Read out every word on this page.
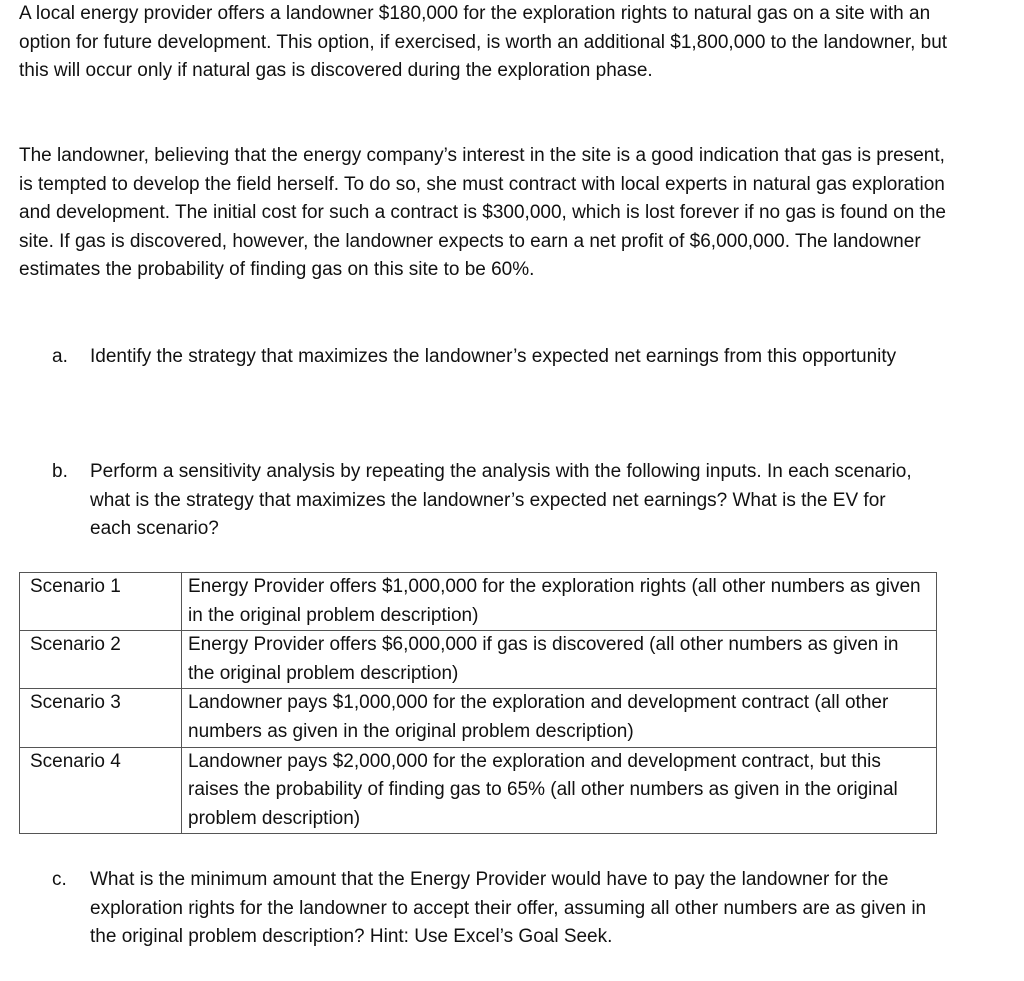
A local energy provider offers a landowner $180,000 for the exploration rights to natural gas on a site with an option for future development. This option, if exercised, is worth an additional $1,800,000 to the landowner, but this will occur only if natural gas is discovered during the exploration phase.

The landowner, believing that the energy company’s interest in the site is a good indication that gas is present, is tempted to develop the field herself. To do so, she must contract with local experts in natural gas exploration and development. The initial cost for such a contract is $300,000, which is lost forever if no gas is found on the site. If gas is discovered, however, the landowner expects to earn a net profit of $6,000,000. The landowner estimates the probability of finding gas on this site to be 60%.

a.	Identify the strategy that maximizes the landowner’s expected net earnings from this opportunity
b.	Perform a sensitivity analysis by repeating the analysis with the following inputs. In each scenario, what is the strategy that maximizes the landowner’s expected net earnings? What is the EV for each scenario?
Scenario 1	Energy Provider offers $1,000,000 for the exploration rights (all other numbers as given in the original problem description)
Scenario 2	Energy Provider offers $6,000,000 if gas is discovered (all other numbers as given in the original problem description)
Scenario 3	Landowner pays $1,000,000 for the exploration and development contract (all other numbers as given in the original problem description)
Scenario 4	Landowner pays $2,000,000 for the exploration and development contract, but this raises the probability of finding gas to 65% (all other numbers as given in the original problem description)
c.	What is the minimum amount that the Energy Provider would have to pay the landowner for the exploration rights for the landowner to accept their offer, assuming all other numbers are as given in the original problem description? Hint: Use Excel’s Goal Seek.
